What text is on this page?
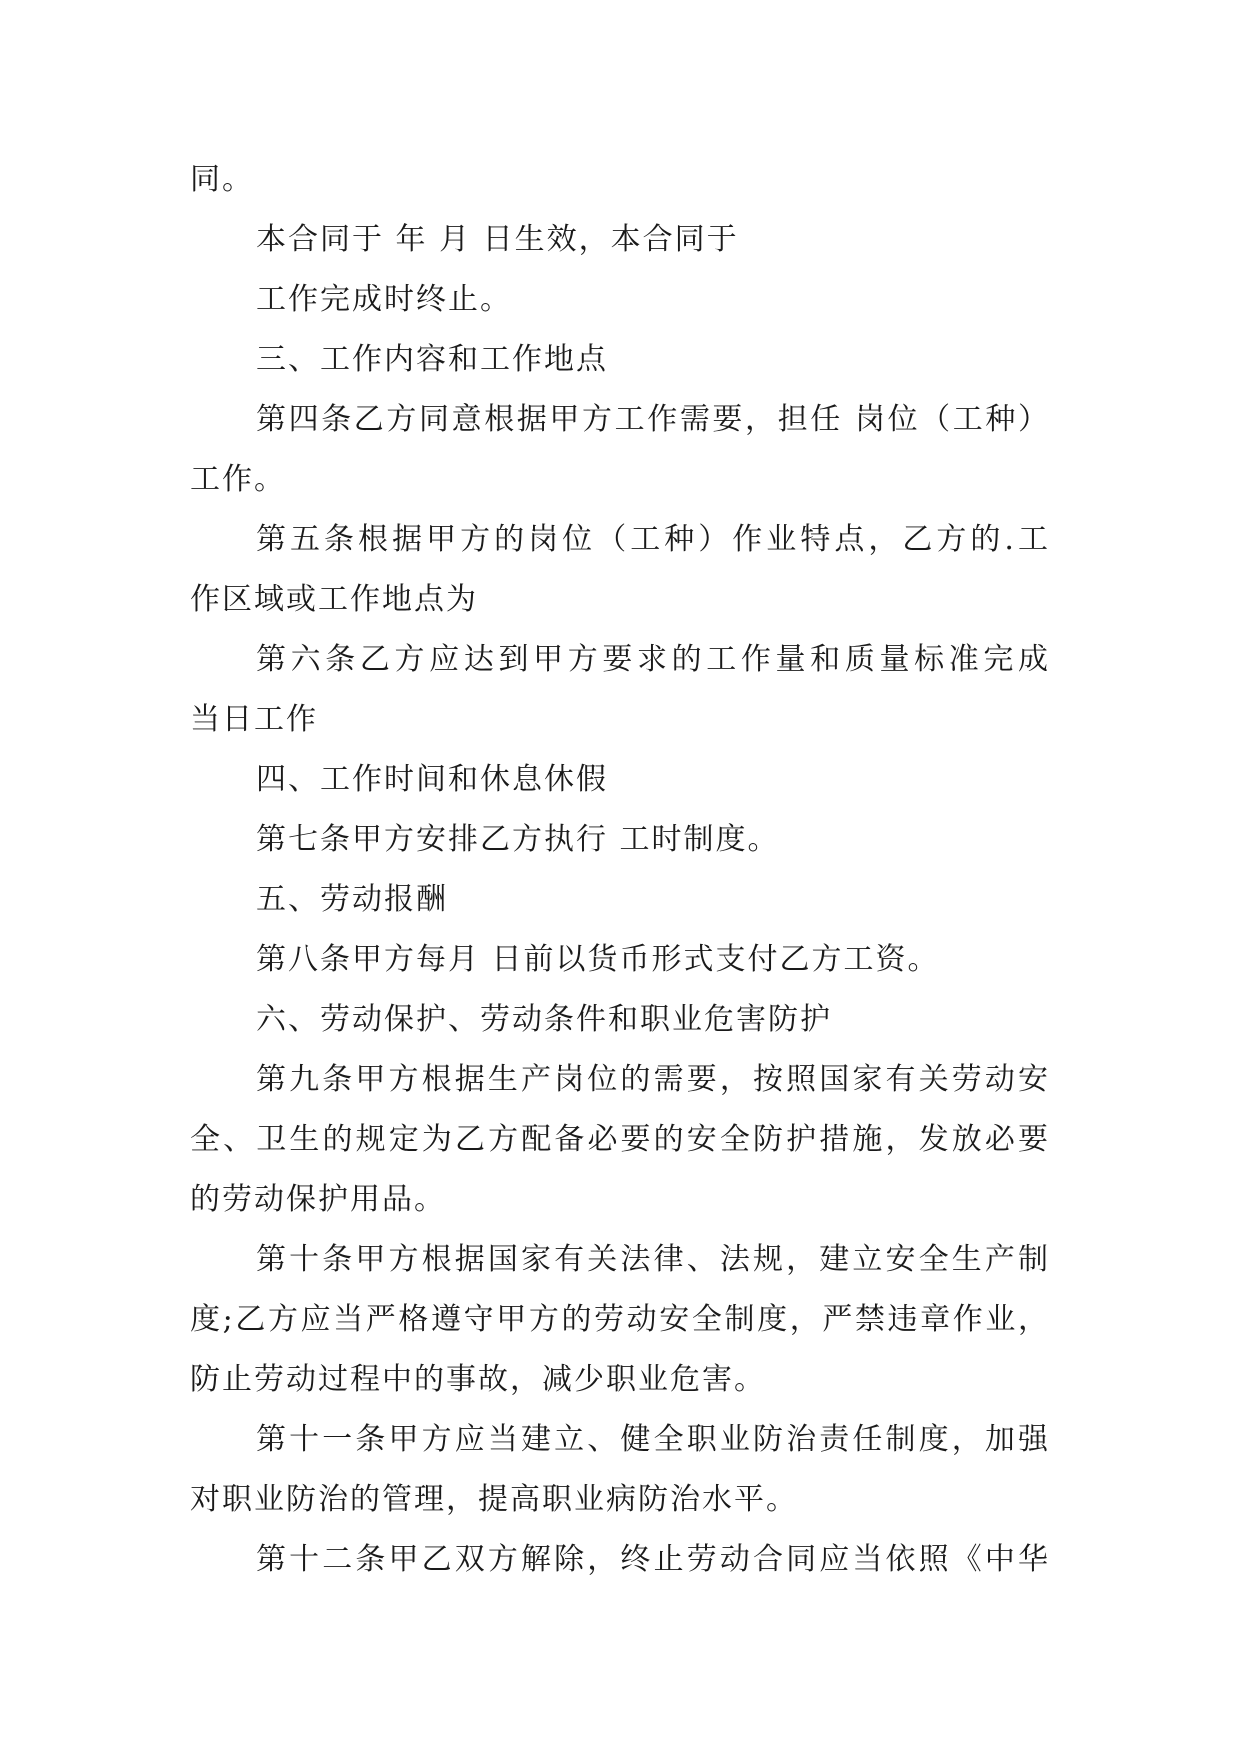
同。
本合同于 年 月 日生效，本合同于
工作完成时终止。
三、工作内容和工作地点
第四条乙方同意根据甲方工作需要，担任 岗位（工种）
工作。
第五条根据甲方的岗位（工种）作业特点，乙方的.工
作区域或工作地点为
第六条乙方应达到甲方要求的工作量和质量标准完成
当日工作
四、工作时间和休息休假
第七条甲方安排乙方执行 工时制度。
五、劳动报酬
第八条甲方每月 日前以货币形式支付乙方工资。
六、劳动保护、劳动条件和职业危害防护
第九条甲方根据生产岗位的需要，按照国家有关劳动安
全、卫生的规定为乙方配备必要的安全防护措施，发放必要
的劳动保护用品。
第十条甲方根据国家有关法律、法规，建立安全生产制
度;乙方应当严格遵守甲方的劳动安全制度，严禁违章作业，
防止劳动过程中的事故，减少职业危害。
第十一条甲方应当建立、健全职业防治责任制度，加强
对职业防治的管理，提高职业病防治水平。
第十二条甲乙双方解除，终止劳动合同应当依照《中华
